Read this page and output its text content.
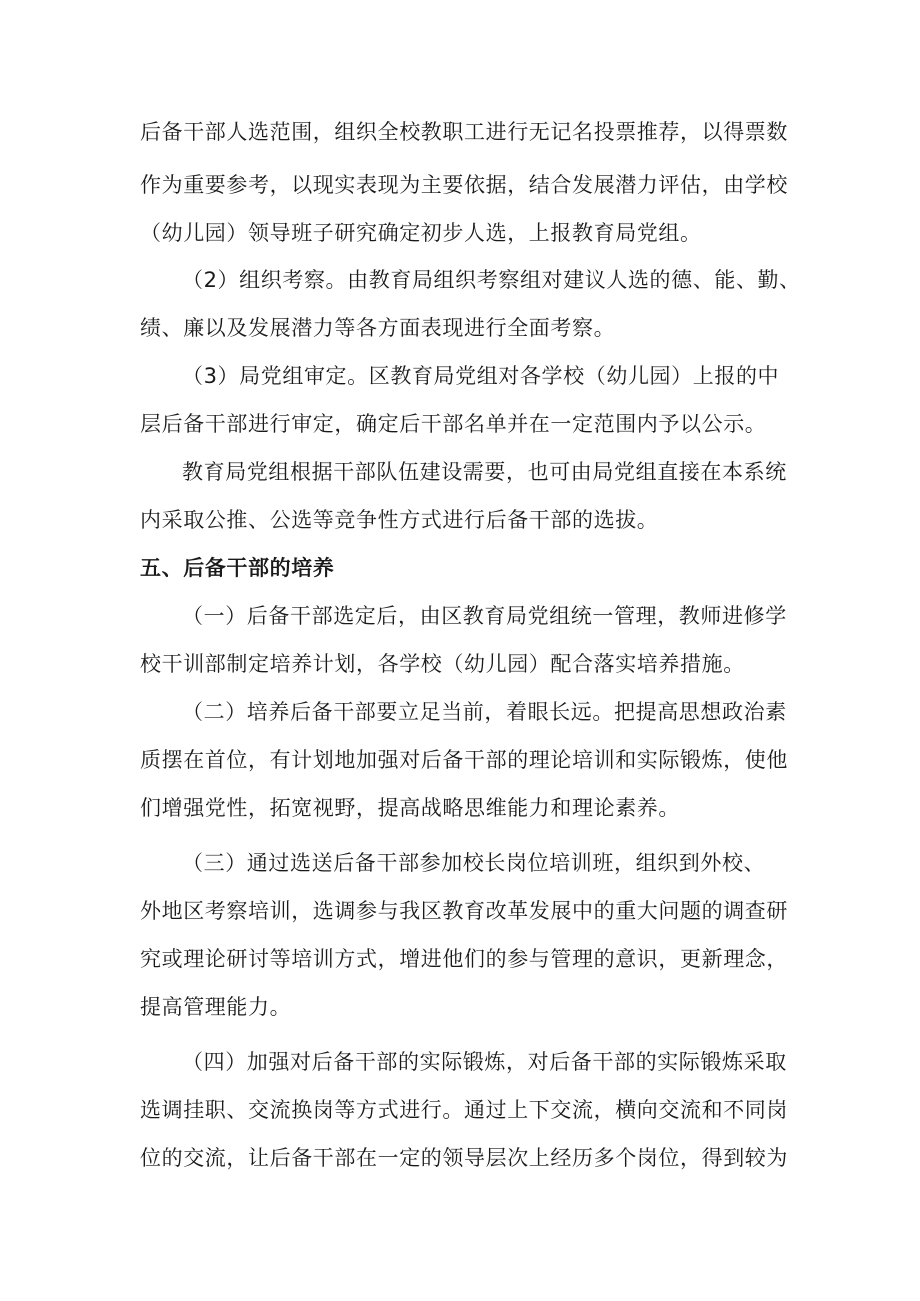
后备干部人选范围，组织全校教职工进行无记名投票推荐，以得票数
作为重要参考，以现实表现为主要依据，结合发展潜力评估，由学校
（幼儿园）领导班子研究确定初步人选，上报教育局党组。
（2）组织考察。由教育局组织考察组对建议人选的德、能、勤、
绩、廉以及发展潜力等各方面表现进行全面考察。
（3）局党组审定。区教育局党组对各学校（幼儿园）上报的中
层后备干部进行审定，确定后干部名单并在一定范围内予以公示。
教育局党组根据干部队伍建设需要，也可由局党组直接在本系统
内采取公推、公选等竞争性方式进行后备干部的选拔。
五、后备干部的培养
（一）后备干部选定后，由区教育局党组统一管理，教师进修学
校干训部制定培养计划，各学校（幼儿园）配合落实培养措施。
（二）培养后备干部要立足当前，着眼长远。把提高思想政治素
质摆在首位，有计划地加强对后备干部的理论培训和实际锻炼，使他
们增强党性，拓宽视野，提高战略思维能力和理论素养。
（三）通过选送后备干部参加校长岗位培训班，组织到外校、
外地区考察培训，选调参与我区教育改革发展中的重大问题的调查研
究或理论研讨等培训方式，增进他们的参与管理的意识，更新理念，
提高管理能力。
（四）加强对后备干部的实际锻炼，对后备干部的实际锻炼采取
选调挂职、交流换岗等方式进行。通过上下交流，横向交流和不同岗
位的交流，让后备干部在一定的领导层次上经历多个岗位，得到较为
